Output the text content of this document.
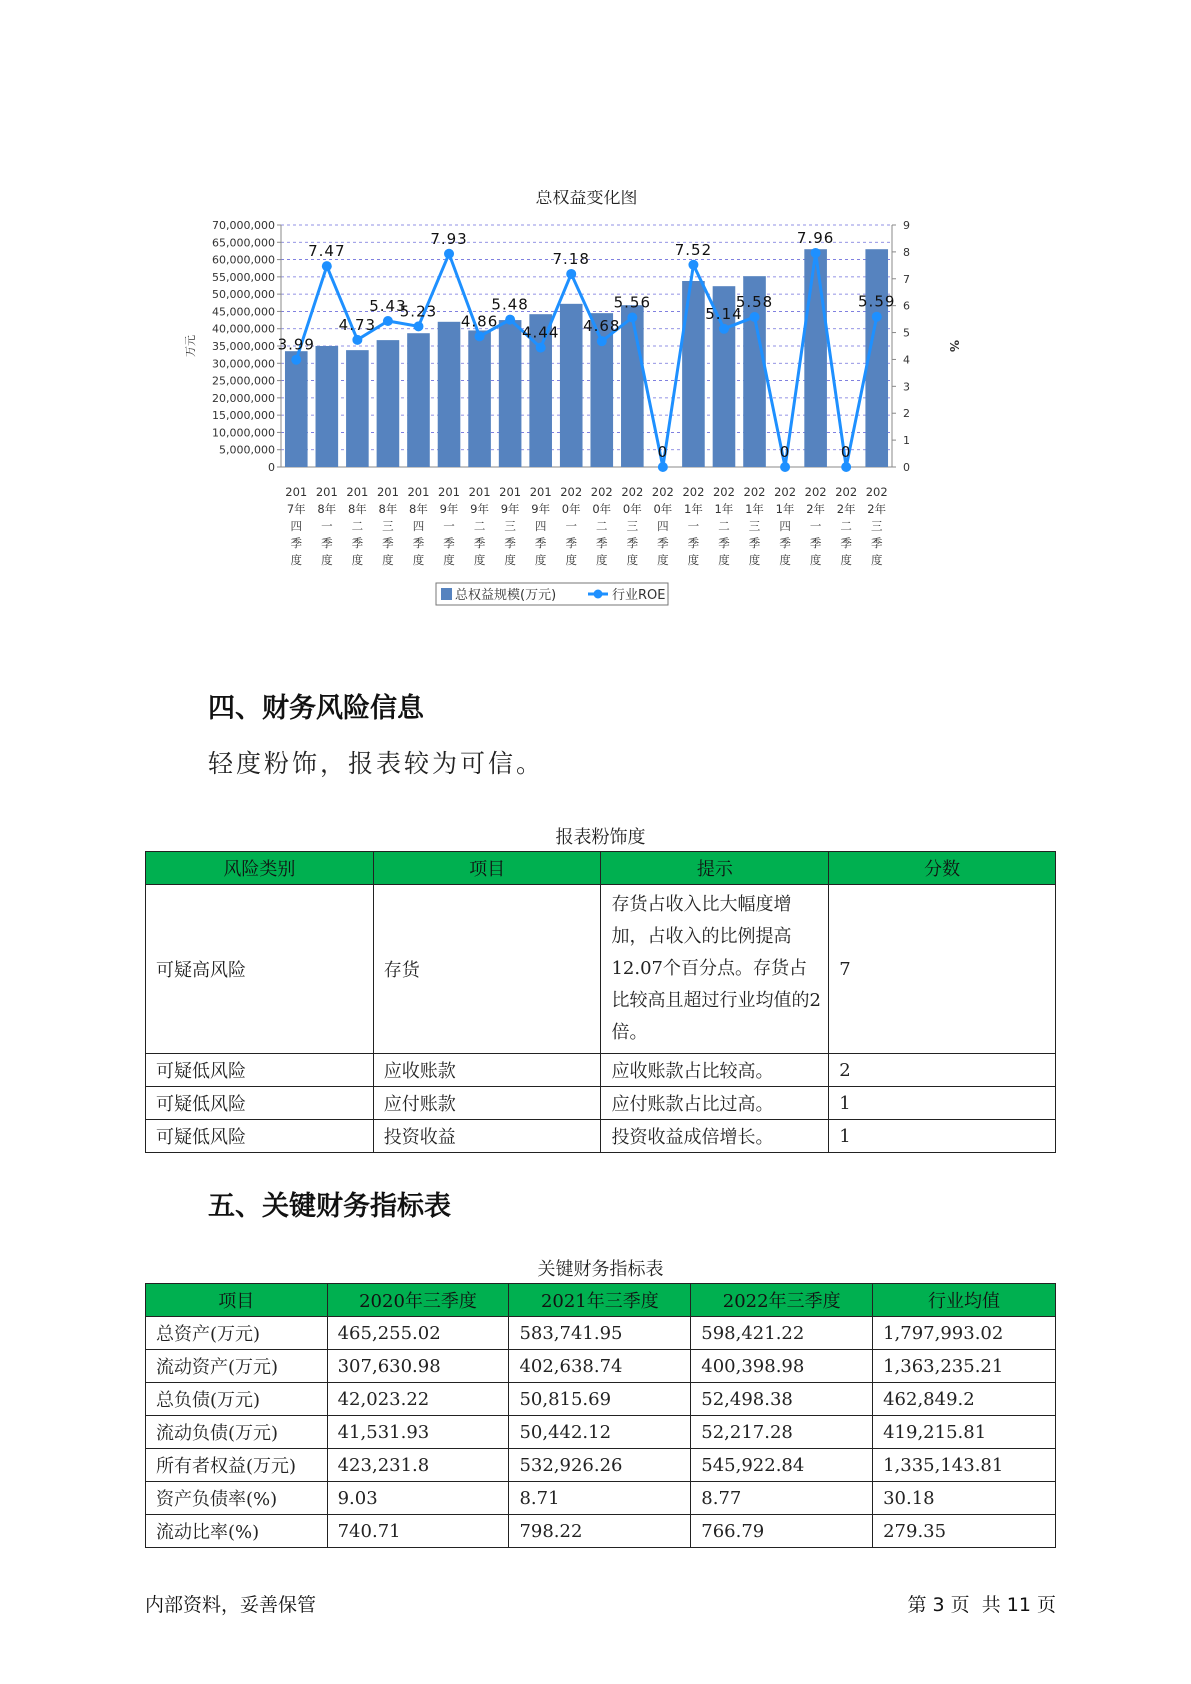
总权益变化图
0
5,000,000
10,000,000
15,000,000
20,000,000
25,000,000
30,000,000
35,000,000
40,000,000
45,000,000
50,000,000
55,000,000
60,000,000
65,000,000
70,000,000
0
1
2
3
4
5
6
7
8
9
万元	%
201
7年
四
季
度
201
8年
一
季
度
201
8年
二
季
度
201
8年
三
季
度
201
8年
四
季
度
201
9年
一
季
度
201
9年
二
季
度
201
9年
三
季
度
201
9年
四
季
度
202
0年
一
季
度
202
0年
二
季
度
202
0年
三
季
度
202
0年
四
季
度
202
1年
一
季
度
202
1年
二
季
度
202
1年
三
季
度
202
1年
四
季
度
202
2年
一
季
度
202
2年
二
季
度
202
2年
三
季
度
3.99
7.47
4.73
5.43
5.23
7.93
4.86
5.48
4.44
7.18
4.68
5.56
0
7.52
5.14
5.58
0
7.96
0
5.59
总权益规模(万元)	行业ROE
四、财务风险信息

轻度粉饰，报表较为可信。

报表粉饰度
风险类别	项目	提示	分数
可疑高风险	存货	存货占收入比大幅度增加，占收入的比例提高12.07个百分点。存货占比较高且超过行业均值的2倍。	7
可疑低风险	应收账款	应收账款占比较高。	2
可疑低风险	应付账款	应付账款占比过高。	1
可疑低风险	投资收益	投资收益成倍增长。	1
五、关键财务指标表
关键财务指标表
项目	2020年三季度	2021年三季度	2022年三季度	行业均值
总资产(万元)	465,255.02	583,741.95	598,421.22	1,797,993.02
流动资产(万元)	307,630.98	402,638.74	400,398.98	1,363,235.21
总负债(万元)	42,023.22	50,815.69	52,498.38	462,849.2
流动负债(万元)	41,531.93	50,442.12	52,217.28	419,215.81
所有者权益(万元)	423,231.8	532,926.26	545,922.84	1,335,143.81
资产负债率(%)	9.03	8.71	8.77	30.18
流动比率(%)	740.71	798.22	766.79	279.35
内部资料，妥善保管	第 3 页  共 11 页
